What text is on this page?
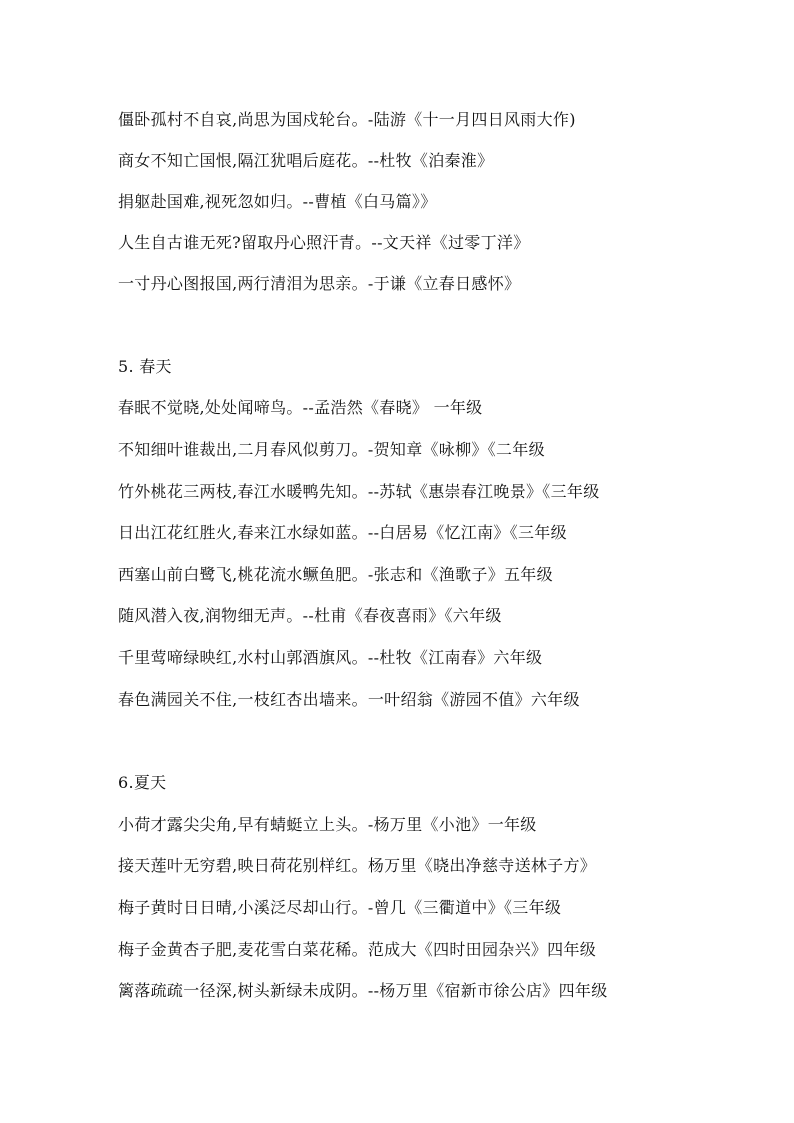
僵卧孤村不自哀,尚思为国戍轮台。-陆游《十一月四日风雨大作)
商女不知亡国恨,隔江犹唱后庭花。--杜牧《泊秦淮》
捐躯赴国难,视死忽如归。--曹植《白马篇》》
人生自古谁无死?留取丹心照汗青。--文天祥《过零丁洋》
一寸丹心图报国,两行清泪为思亲。-于谦《立春日感怀》
5. 春天
春眠不觉晓,处处闻啼鸟。--孟浩然《春晓》 一年级
不知细叶谁裁出,二月春风似剪刀。-贺知章《咏柳》《二年级
竹外桃花三两枝,春江水暖鸭先知。--苏轼《惠崇春江晚景》《三年级
日出江花红胜火,春来江水绿如蓝。--白居易《忆江南》《三年级
西塞山前白鹭飞,桃花流水鳜鱼肥。-张志和《渔歌子》五年级
随风潜入夜,润物细无声。--杜甫《春夜喜雨》《六年级
千里莺啼绿映红,水村山郭酒旗风。--杜牧《江南春》六年级
春色满园关不住,一枝红杏出墙来。一叶绍翁《游园不值》六年级
6.夏天
小荷才露尖尖角,早有蜻蜓立上头。-杨万里《小池》一年级
接天莲叶无穷碧,映日荷花别样红。杨万里《晓出净慈寺送林子方》
梅子黄时日日晴,小溪泛尽却山行。-曾几《三衢道中》《三年级
梅子金黄杏子肥,麦花雪白菜花稀。范成大《四时田园杂兴》四年级
篱落疏疏一径深,树头新绿未成阴。--杨万里《宿新市徐公店》四年级
